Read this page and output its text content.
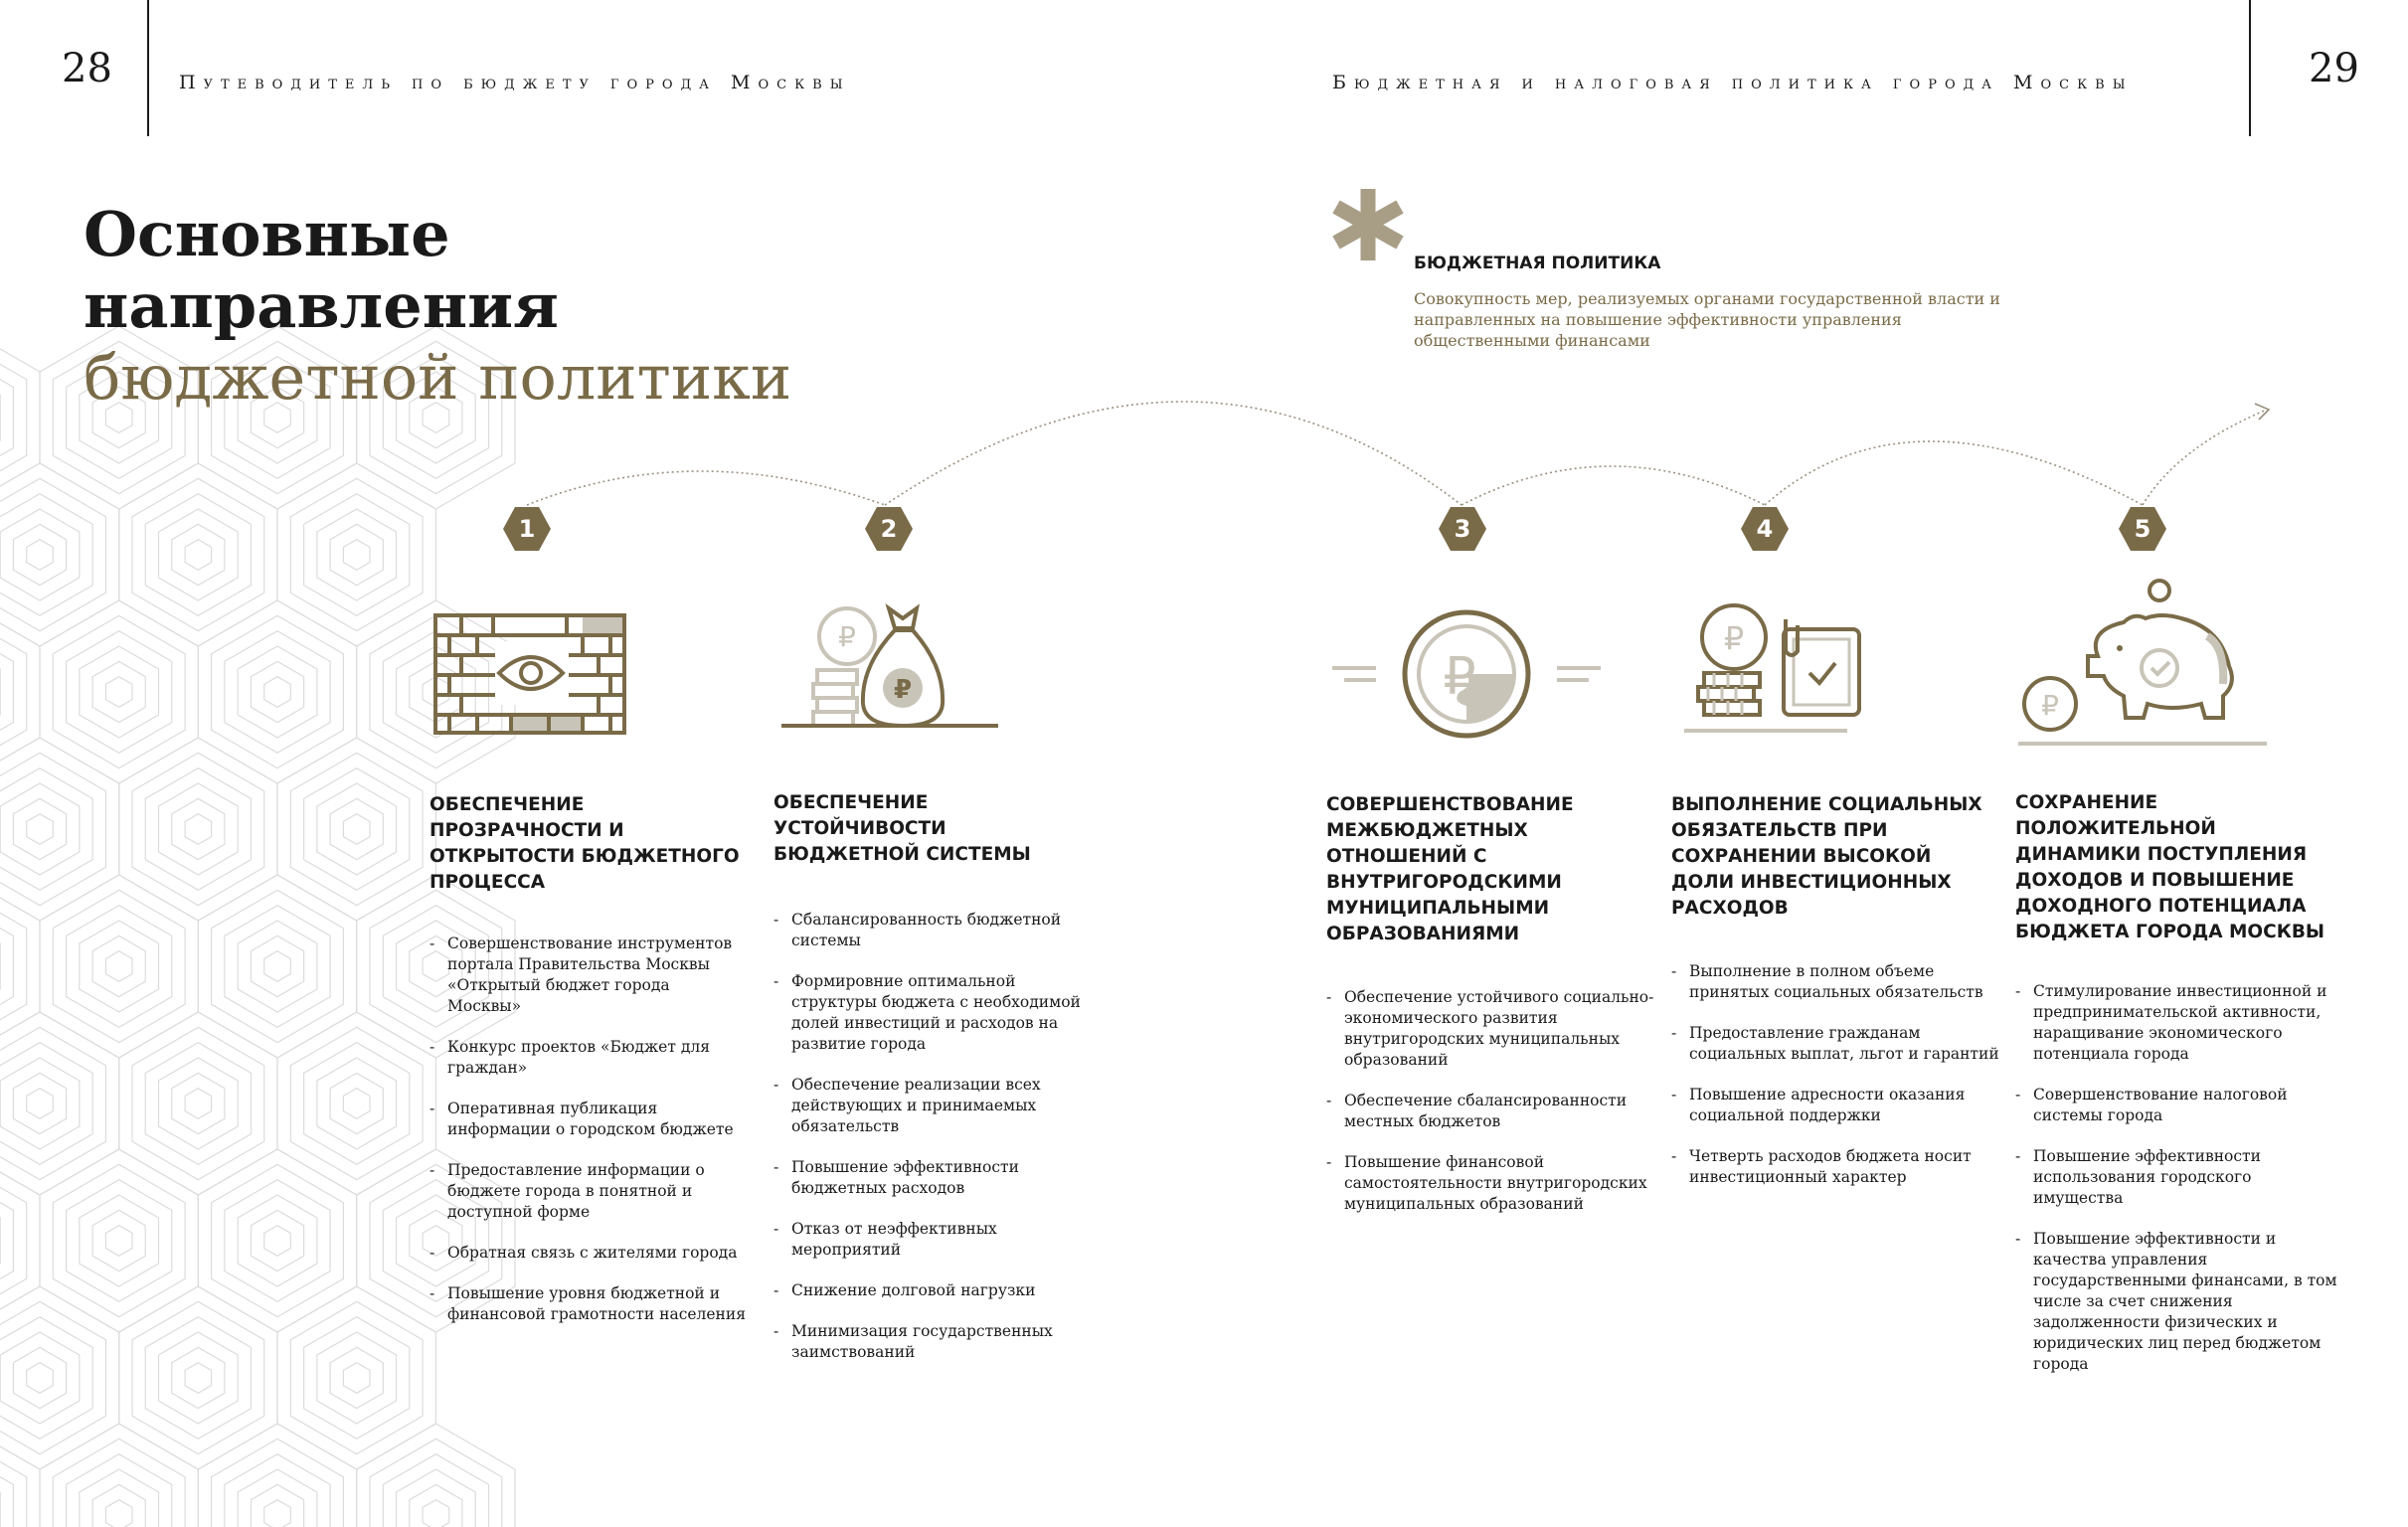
28	Путеводитель по бюджету города Москвы	Бюджетная и налоговая политика города Москвы	29
Основные
направления
бюджетной политики
БЮДЖЕТНАЯ ПОЛИТИКА
Совокупность мер, реализуемых органами государственной власти и направленных на повышение эффективности управления общественными финансами
1	2	3	4	5
₽
₽	₽
₽
₽
ОБЕСПЕЧЕНИЕ ПРОЗРАЧНОСТИ И ОТКРЫТОСТИ БЮДЖЕТНОГО ПРОЦЕССА
- Совершенствование инструментов портала Правительства Москвы «Открытый бюджет города Москвы»
- Конкурс проектов «Бюджет для граждан»
- Оперативная публикация информации о городском бюджете
- Предоставление информации о бюджете города в понятной и доступной форме
- Обратная связь с жителями города
- Повышение уровня бюджетной и финансовой грамотности населения
ОБЕСПЕЧЕНИЕ УСТОЙЧИВОСТИ БЮДЖЕТНОЙ СИСТЕМЫ
- Сбалансированность бюджетной системы
- Формировние оптимальной структуры бюджета с необходимой долей инвестиций и расходов на развитие города
- Обеспечение реализации всех действующих и принимаемых обязательств
- Повышение эффективности бюджетных расходов
- Отказ от неэффективных мероприятий
- Снижение долговой нагрузки
- Минимизация государственных заимствований
СОВЕРШЕНСТВОВАНИЕ МЕЖБЮДЖЕТНЫХ ОТНОШЕНИЙ С ВНУТРИГОРОДСКИМИ МУНИЦИПАЛЬНЫМИ ОБРАЗОВАНИЯМИ
- Обеспечение устойчивого социально-экономического развития внутригородских муниципальных образований
- Обеспечение сбалансированности местных бюджетов
- Повышение финансовой самостоятельности внутригородских муниципальных образований
ВЫПОЛНЕНИЕ СОЦИАЛЬНЫХ ОБЯЗАТЕЛЬСТВ ПРИ СОХРАНЕНИИ ВЫСОКОЙ ДОЛИ ИНВЕСТИЦИОННЫХ РАСХОДОВ
- Выполнение в полном объеме принятых социальных обязательств
- Предоставление гражданам социальных выплат, льгот и гарантий
- Повышение адресности оказания социальной поддержки
- Четверть расходов бюджета носит инвестиционный характер
СОХРАНЕНИЕ ПОЛОЖИТЕЛЬНОЙ ДИНАМИКИ ПОСТУПЛЕНИЯ ДОХОДОВ И ПОВЫШЕНИЕ ДОХОДНОГО ПОТЕНЦИАЛА БЮДЖЕТА ГОРОДА МОСКВЫ
- Стимулирование инвестиционной и предпринимательской активности, наращивание экономического потенциала города
- Совершенствование налоговой системы города
- Повышение эффективности использования городского имущества
- Повышение эффективности и качества управления государственными финансами, в том числе за счет снижения задолженности физических и юридических лиц перед бюджетом города
